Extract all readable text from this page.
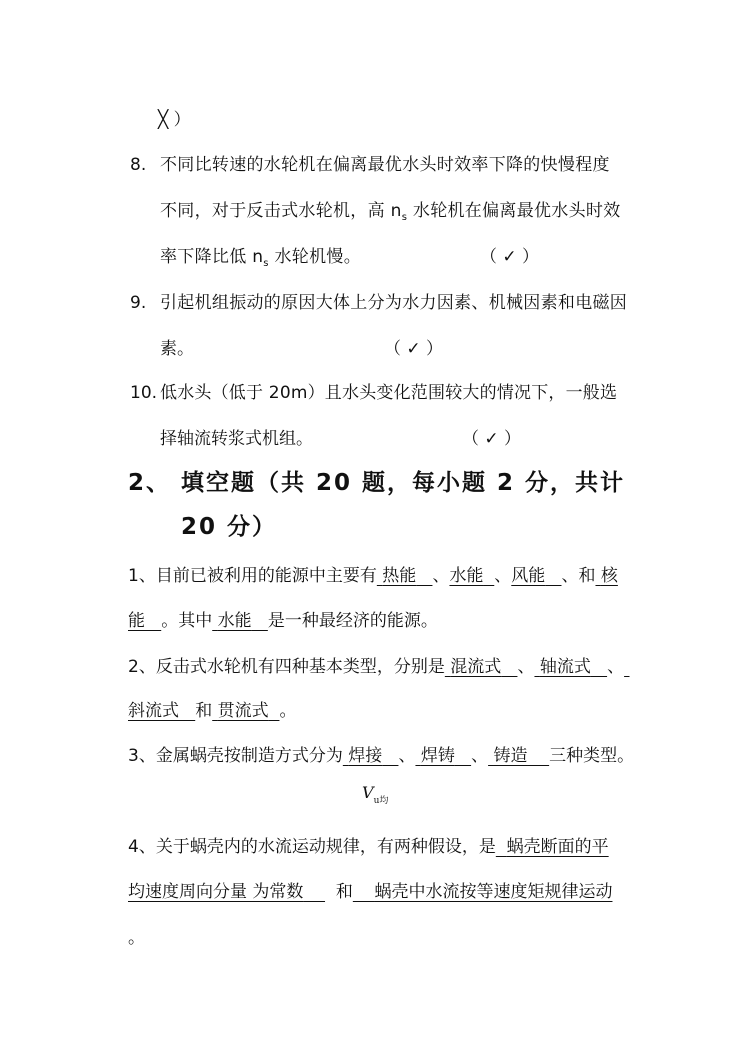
╳ ）
8. 不同比转速的水轮机在偏离最优水头时效率下降的快慢程度
不同，对于反击式水轮机，高 $n_s$ 水轮机在偏离最优水头时效
率下降比低 $n_s$ 水轮机慢。	（ ✓ ）
9. 引起机组振动的原因大体上分为水力因素、机械因素和电磁因
素。	（ ✓ ）
10. 低水头（低于 20m）且水头变化范围较大的情况下，一般选
择轴流转浆式机组。	（ ✓ ）
2、 填空题（共 20 题，每小题 2 分，共计
20 分）
1、目前已被利用的能源中主要有 热能 、水能 、风能 、和 核
能 。其中 水能 是一种最经济的能源。
2、反击式水轮机有四种基本类型，分别是 混流式 、 轴流式 、
斜流式 和 贯流式 。
3、金属蜗壳按制造方式分为 焊接 、 焊铸 、 铸造 三种类型。
$V_{u均}$
4、关于蜗壳内的水流运动规律，有两种假设，是 蜗壳断面的平
均速度周向分量 为常数 和 蜗壳中水流按等速度矩规律运动
。
